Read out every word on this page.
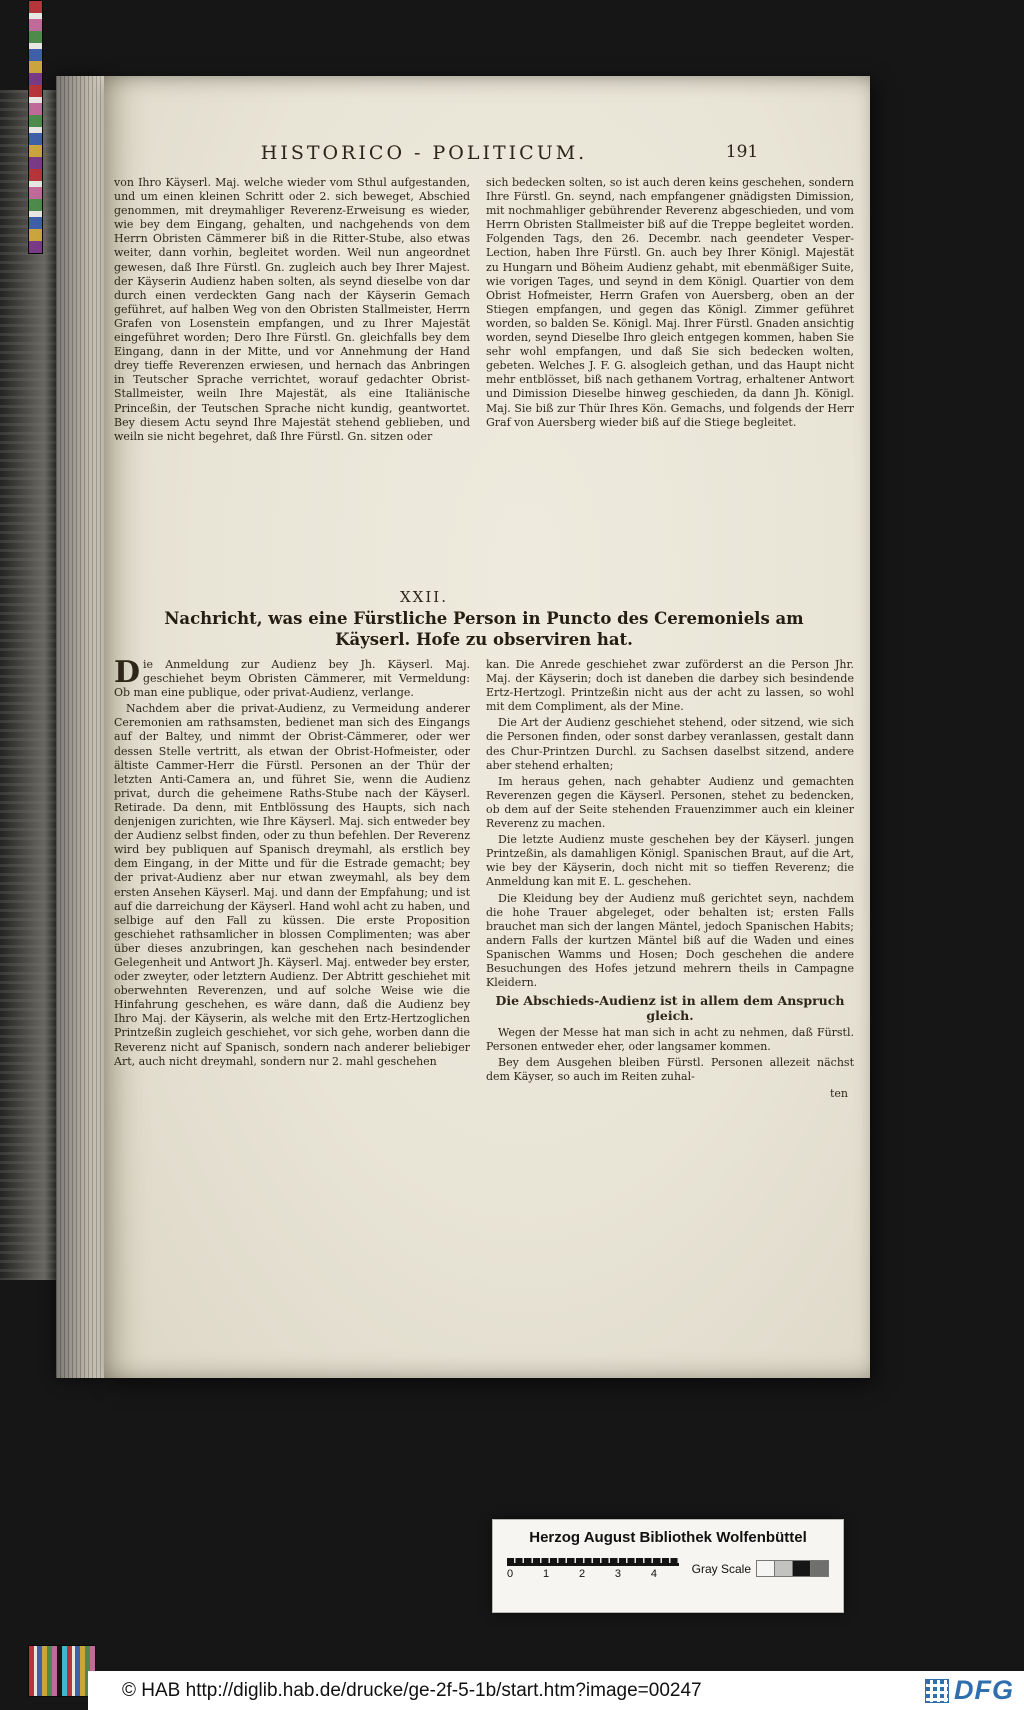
HISTORICO - POLITICUM.	191

von Ihro Käyserl. Maj. welche wieder vom Sthul aufgestanden, und um einen kleinen Schritt oder 2. sich beweget, Abschied genommen, mit dreymahliger Reverenz-Erweisung es wieder, wie bey dem Eingang, gehalten, und nachgehends von dem Herrn Obristen Cämmerer biß in die Ritter-Stube, also etwas weiter, dann vorhin, begleitet worden. Weil nun angeordnet gewesen, daß Ihre Fürstl. Gn. zugleich auch bey Ihrer Majest. der Käyserin Audienz haben solten, als seynd dieselbe von dar durch einen verdeckten Gang nach der Käyserin Gemach geführet, auf halben Weg von den Obristen Stallmeister, Herrn Grafen von Losenstein empfangen, und zu Ihrer Majestät eingeführet worden; Dero Ihre Fürstl. Gn. gleichfalls bey dem Eingang, dann in der Mitte, und vor Annehmung der Hand drey tieffe Reverenzen erwiesen, und hernach das Anbringen in Teutscher Sprache verrichtet, worauf gedachter Obrist-Stallmeister, weiln Ihre Majestät, als eine Italiänische Princeßin, der Teutschen Sprache nicht kundig, geantwortet. Bey diesem Actu seynd Ihre Majestät stehend geblieben, und weiln sie nicht begehret, daß Ihre Fürstl. Gn. sitzen oder

sich bedecken solten, so ist auch deren keins geschehen, sondern Ihre Fürstl. Gn. seynd, nach empfangener gnädigsten Dimission, mit nochmahliger gebührender Reverenz abgeschieden, und vom Herrn Obristen Stallmeister biß auf die Treppe begleitet worden. Folgenden Tags, den 26. Decembr. nach geendeter Vesper-Lection, haben Ihre Fürstl. Gn. auch bey Ihrer Königl. Majestät zu Hungarn und Böheim Audienz gehabt, mit ebenmäßiger Suite, wie vorigen Tages, und seynd in dem Königl. Quartier von dem Obrist Hofmeister, Herrn Grafen von Auersberg, oben an der Stiegen empfangen, und gegen das Königl. Zimmer geführet worden, so balden Se. Königl. Maj. Ihrer Fürstl. Gnaden ansichtig worden, seynd Dieselbe Ihro gleich entgegen kommen, haben Sie sehr wohl empfangen, und daß Sie sich bedecken wolten, gebeten. Welches J. F. G. alsogleich gethan, und das Haupt nicht mehr entblösset, biß nach gethanem Vortrag, erhaltener Antwort und Dimission Dieselbe hinweg geschieden, da dann Jh. Königl. Maj. Sie biß zur Thür Ihres Kön. Gemachs, und folgends der Herr Graf von Auersberg wieder biß auf die Stiege begleitet.

XXII.
Nachricht, was eine Fürstliche Person in Puncto des Ceremoniels am Käyserl. Hofe zu observiren hat.

Die Anmeldung zur Audienz bey Jh. Käyserl. Maj. geschiehet beym Obristen Cämmerer, mit Vermeldung: Ob man eine publique, oder privat-Audienz, verlange.

Nachdem aber die privat-Audienz, zu Vermeidung anderer Ceremonien am rathsamsten, bedienet man sich des Eingangs auf der Baltey, und nimmt der Obrist-Cämmerer, oder wer dessen Stelle vertritt, als etwan der Obrist-Hofmeister, oder ältiste Cammer-Herr die Fürstl. Personen an der Thür der letzten Anti-Camera an, und führet Sie, wenn die Audienz privat, durch die geheimene Raths-Stube nach der Käyserl. Retirade. Da denn, mit Entblössung des Haupts, sich nach denjenigen zurichten, wie Ihre Käyserl. Maj. sich entweder bey der Audienz selbst finden, oder zu thun befehlen. Der Reverenz wird bey publiquen auf Spanisch dreymahl, als erstlich bey dem Eingang, in der Mitte und für die Estrade gemacht; bey der privat-Audienz aber nur etwan zweymahl, als bey dem ersten Ansehen Käyserl. Maj. und dann der Empfahung; und ist auf die darreichung der Käyserl. Hand wohl acht zu haben, und selbige auf den Fall zu küssen. Die erste Proposition geschiehet rathsamlicher in blossen Complimenten; was aber über dieses anzubringen, kan geschehen nach besindender Gelegenheit und Antwort Jh. Käyserl. Maj. entweder bey erster, oder zweyter, oder letztern Audienz. Der Abtritt geschiehet mit oberwehnten Reverenzen, und auf solche Weise wie die Hinfahrung geschehen, es wäre dann, daß die Audienz bey Ihro Maj. der Käyserin, als welche mit den Ertz-Hertzoglichen Printzeßin zugleich geschiehet, vor sich gehe, worben dann die Reverenz nicht auf Spanisch, sondern nach anderer beliebiger Art, auch nicht dreymahl, sondern nur 2. mahl geschehen

kan. Die Anrede geschiehet zwar zuförderst an die Person Jhr. Maj. der Käyserin; doch ist daneben die darbey sich besindende Ertz-Hertzogl. Printzeßin nicht aus der acht zu lassen, so wohl mit dem Compliment, als der Mine.

Die Art der Audienz geschiehet stehend, oder sitzend, wie sich die Personen finden, oder sonst darbey veranlassen, gestalt dann des Chur-Printzen Durchl. zu Sachsen daselbst sitzend, andere aber stehend erhalten;

Im heraus gehen, nach gehabter Audienz und gemachten Reverenzen gegen die Käyserl. Personen, stehet zu bedencken, ob dem auf der Seite stehenden Frauenzimmer auch ein kleiner Reverenz zu machen.

Die letzte Audienz muste geschehen bey der Käyserl. jungen Printzeßin, als damahligen Königl. Spanischen Braut, auf die Art, wie bey der Käyserin, doch nicht mit so tieffen Reverenz; die Anmeldung kan mit E. L. geschehen.

Die Kleidung bey der Audienz muß gerichtet seyn, nachdem die hohe Trauer abgeleget, oder behalten ist; ersten Falls brauchet man sich der langen Mäntel, jedoch Spanischen Habits; andern Falls der kurtzen Mäntel biß auf die Waden und eines Spanischen Wamms und Hosen; Doch geschehen die andere Besuchungen des Hofes jetzund mehrern theils in Campagne Kleidern.

Die Abschieds-Audienz ist in allem dem Anspruch gleich.

Wegen der Messe hat man sich in acht zu nehmen, daß Fürstl. Personen entweder eher, oder langsamer kommen.

Bey dem Ausgehen bleiben Fürstl. Personen allezeit nächst dem Käyser, so auch im Reiten zuhal-

ten

Herzog August Bibliothek Wolfenbüttel
0	1	2	3	4	Gray Scale
© HAB http://diglib.hab.de/drucke/ge-2f-5-1b/start.htm?image=00247	DFG
